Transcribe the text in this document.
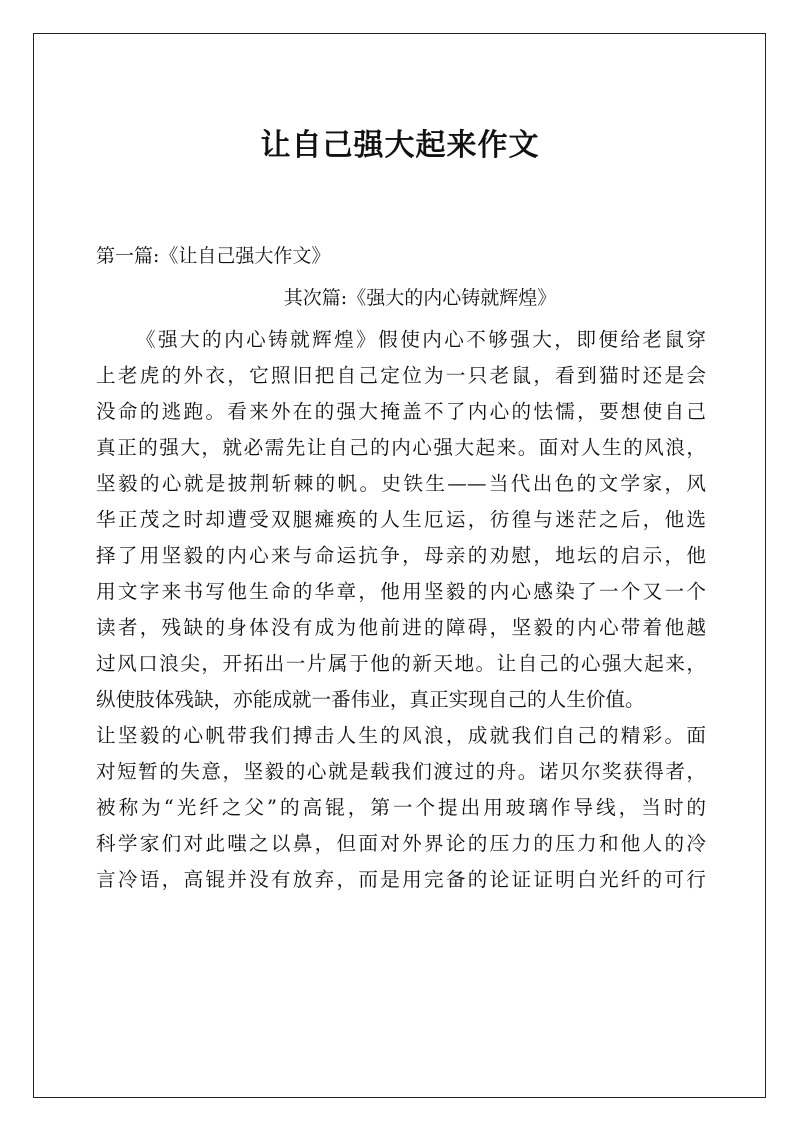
让自己强大起来作文
第一篇:《让自己强大作文》
其次篇:《强大的内心铸就辉煌》
《强大的内心铸就辉煌》假使内心不够强大，即便给老鼠穿
上老虎的外衣，它照旧把自己定位为一只老鼠，看到猫时还是会
没命的逃跑。看来外在的强大掩盖不了内心的怯懦，要想使自己
真正的强大，就必需先让自己的内心强大起来。面对人生的风浪，
坚毅的心就是披荆斩棘的帆。史铁生——当代出色的文学家，风
华正茂之时却遭受双腿瘫痪的人生厄运，彷徨与迷茫之后，他选
择了用坚毅的内心来与命运抗争，母亲的劝慰，地坛的启示，他
用文字来书写他生命的华章，他用坚毅的内心感染了一个又一个
读者，残缺的身体没有成为他前进的障碍，坚毅的内心带着他越
过风口浪尖，开拓出一片属于他的新天地。让自己的心强大起来，
纵使肢体残缺，亦能成就一番伟业，真正实现自己的人生价值。
让坚毅的心帆带我们搏击人生的风浪，成就我们自己的精彩。面
对短暂的失意，坚毅的心就是载我们渡过的舟。诺贝尔奖获得者，
被称为“光纤之父”的高锟，第一个提出用玻璃作导线，当时的
科学家们对此嗤之以鼻，但面对外界论的压力的压力和他人的冷
言冷语，高锟并没有放弃，而是用完备的论证证明白光纤的可行
